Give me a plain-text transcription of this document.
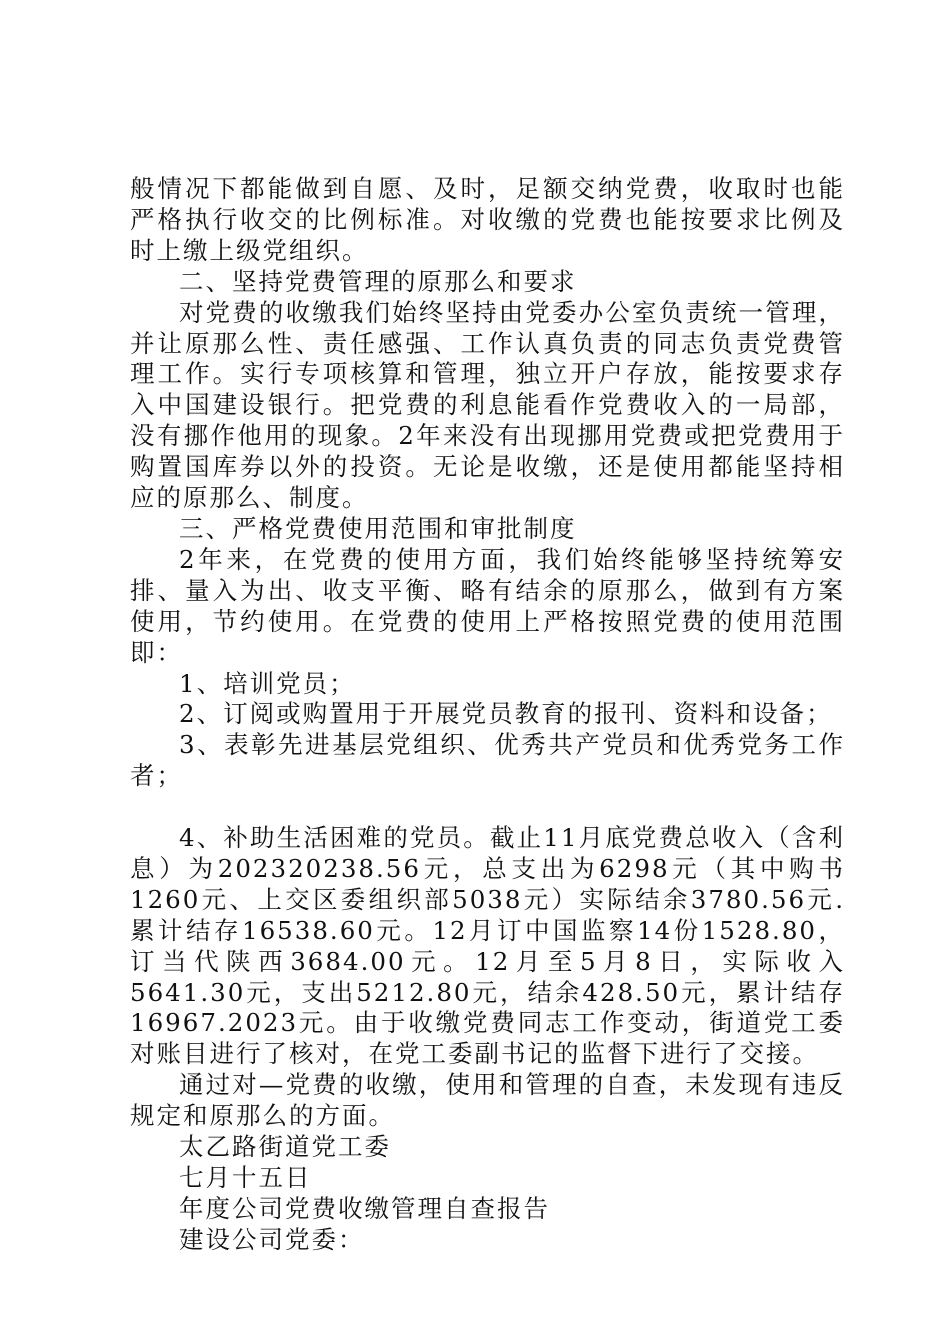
般情况下都能做到自愿、及时，足额交纳党费，收取时也能严格执行收交的比例标准。对收缴的党费也能按要求比例及时上缴上级党组织。

二、坚持党费管理的原那么和要求

对党费的收缴我们始终坚持由党委办公室负责统一管理，并让原那么性、责任感强、工作认真负责的同志负责党费管理工作。实行专项核算和管理，独立开户存放，能按要求存入中国建设银行。把党费的利息能看作党费收入的一局部，没有挪作他用的现象。2年来没有出现挪用党费或把党费用于购置国库券以外的投资。无论是收缴，还是使用都能坚持相应的原那么、制度。

三、严格党费使用范围和审批制度

2年来，在党费的使用方面，我们始终能够坚持统筹安排、量入为出、收支平衡、略有结余的原那么，做到有方案使用，节约使用。在党费的使用上严格按照党费的使用范围即：

1、培训党员；

2、订阅或购置用于开展党员教育的报刊、资料和设备；

3、表彰先进基层党组织、优秀共产党员和优秀党务工作者；

4、补助生活困难的党员。截止11月底党费总收入（含利息）为202320238.56元，总支出为6298元（其中购书1260元、上交区委组织部5038元）实际结余3780.56元.累计结存16538.60元。12月订中国监察14份1528.80，订当代陕西3684.00元。12月至5月8日，实际收入5641.30元，支出5212.80元，结余428.50元，累计结存16967.2023元。由于收缴党费同志工作变动，街道党工委对账目进行了核对，在党工委副书记的监督下进行了交接。

通过对—党费的收缴，使用和管理的自查，未发现有违反规定和原那么的方面。

太乙路街道党工委

七月十五日

年度公司党费收缴管理自查报告

建设公司党委：
